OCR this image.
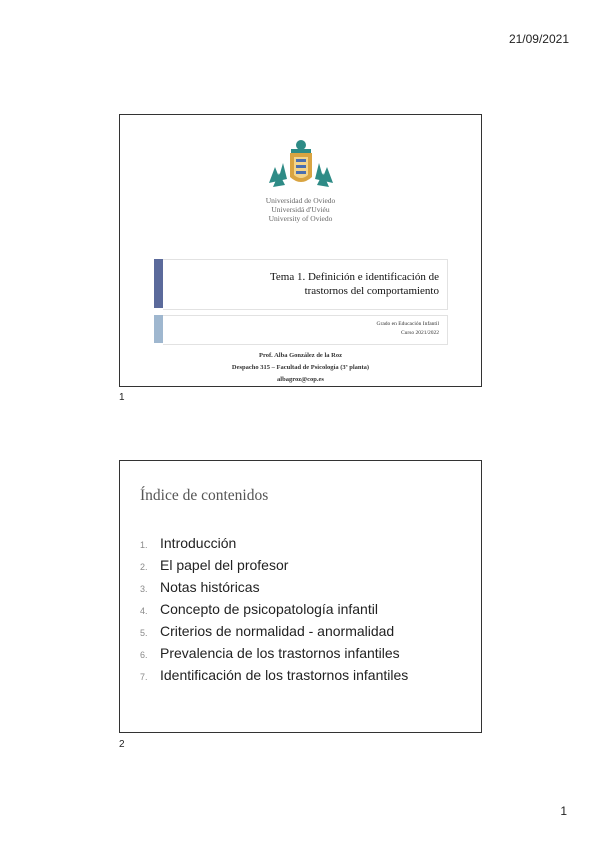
21/09/2021
Universidad de Oviedo
Universidá d'Uviéu
University of Oviedo
Tema 1. Definición e identificación de
trastornos del comportamiento
Grado en Educación Infantil
Curso 2021/2022
Prof. Alba González de la Roz
Despacho 315 – Facultad de Psicología (3ª planta)
albagroz@cop.es
1
Índice de contenidos
1. Introducción
2. El papel del profesor
3. Notas históricas
4. Concepto de psicopatología infantil
5. Criterios de normalidad - anormalidad
6. Prevalencia de los trastornos infantiles
7. Identificación de los trastornos infantiles
2
1
